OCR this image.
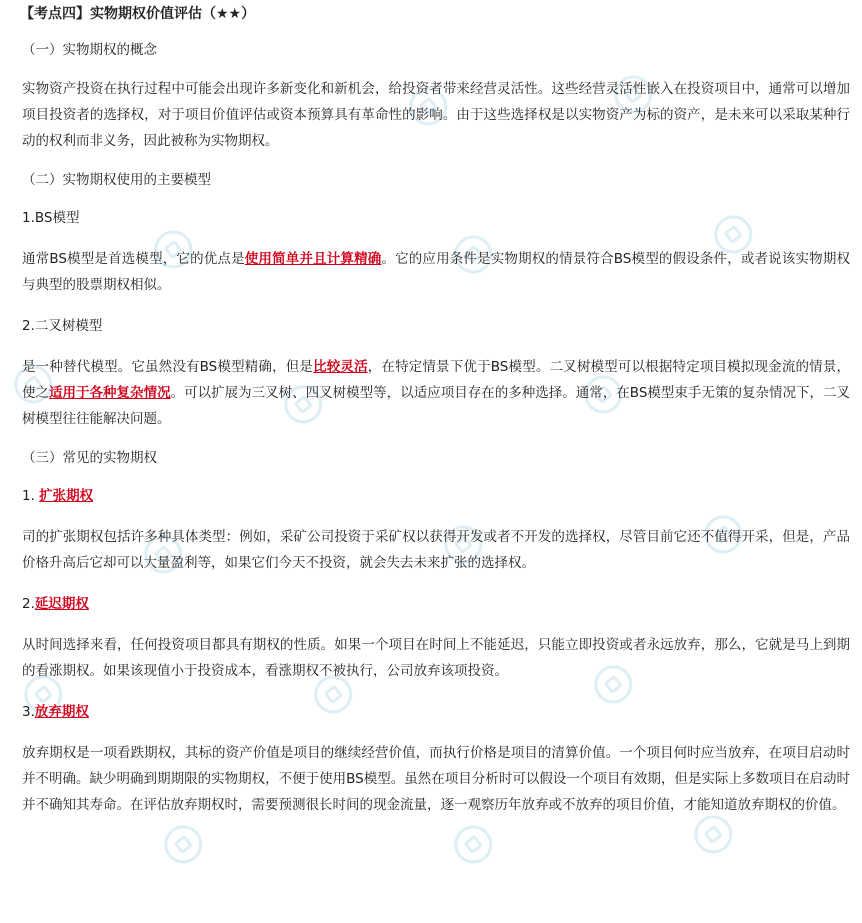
【考点四】实物期权价值评估（★★）
（一）实物期权的概念
实物资产投资在执行过程中可能会出现许多新变化和新机会，给投资者带来经营灵活性。这些经营灵活性嵌入在投资项目中，通常可以增加项目投资者的选择权，对于项目价值评估或资本预算具有革命性的影响。由于这些选择权是以实物资产为标的资产，是未来可以采取某种行动的权利而非义务，因此被称为实物期权。
（二）实物期权使用的主要模型
1.BS模型
通常BS模型是首选模型，它的优点是使用简单并且计算精确。它的应用条件是实物期权的情景符合BS模型的假设条件，或者说该实物期权与典型的股票期权相似。
2.二叉树模型
是一种替代模型。它虽然没有BS模型精确，但是比较灵活，在特定情景下优于BS模型。二叉树模型可以根据特定项目模拟现金流的情景，使之适用于各种复杂情况。可以扩展为三叉树、四叉树模型等，以适应项目存在的多种选择。通常，在BS模型束手无策的复杂情况下，二叉树模型往往能解决问题。
（三）常见的实物期权
1. 扩张期权
司的扩张期权包括许多种具体类型：例如，采矿公司投资于采矿权以获得开发或者不开发的选择权，尽管目前它还不值得开采，但是，产品价格升高后它却可以大量盈利等，如果它们今天不投资，就会失去未来扩张的选择权。
2.延迟期权
从时间选择来看，任何投资项目都具有期权的性质。如果一个项目在时间上不能延迟，只能立即投资或者永远放弃，那么，它就是马上到期的看涨期权。如果该现值小于投资成本，看涨期权不被执行，公司放弃该项投资。
3.放弃期权
放弃期权是一项看跌期权，其标的资产价值是项目的继续经营价值，而执行价格是项目的清算价值。一个项目何时应当放弃，在项目启动时并不明确。缺少明确到期期限的实物期权，不便于使用BS模型。虽然在项目分析时可以假设一个项目有效期，但是实际上多数项目在启动时并不确知其寿命。在评估放弃期权时，需要预测很长时间的现金流量，逐一观察历年放弃或不放弃的项目价值，才能知道放弃期权的价值。
